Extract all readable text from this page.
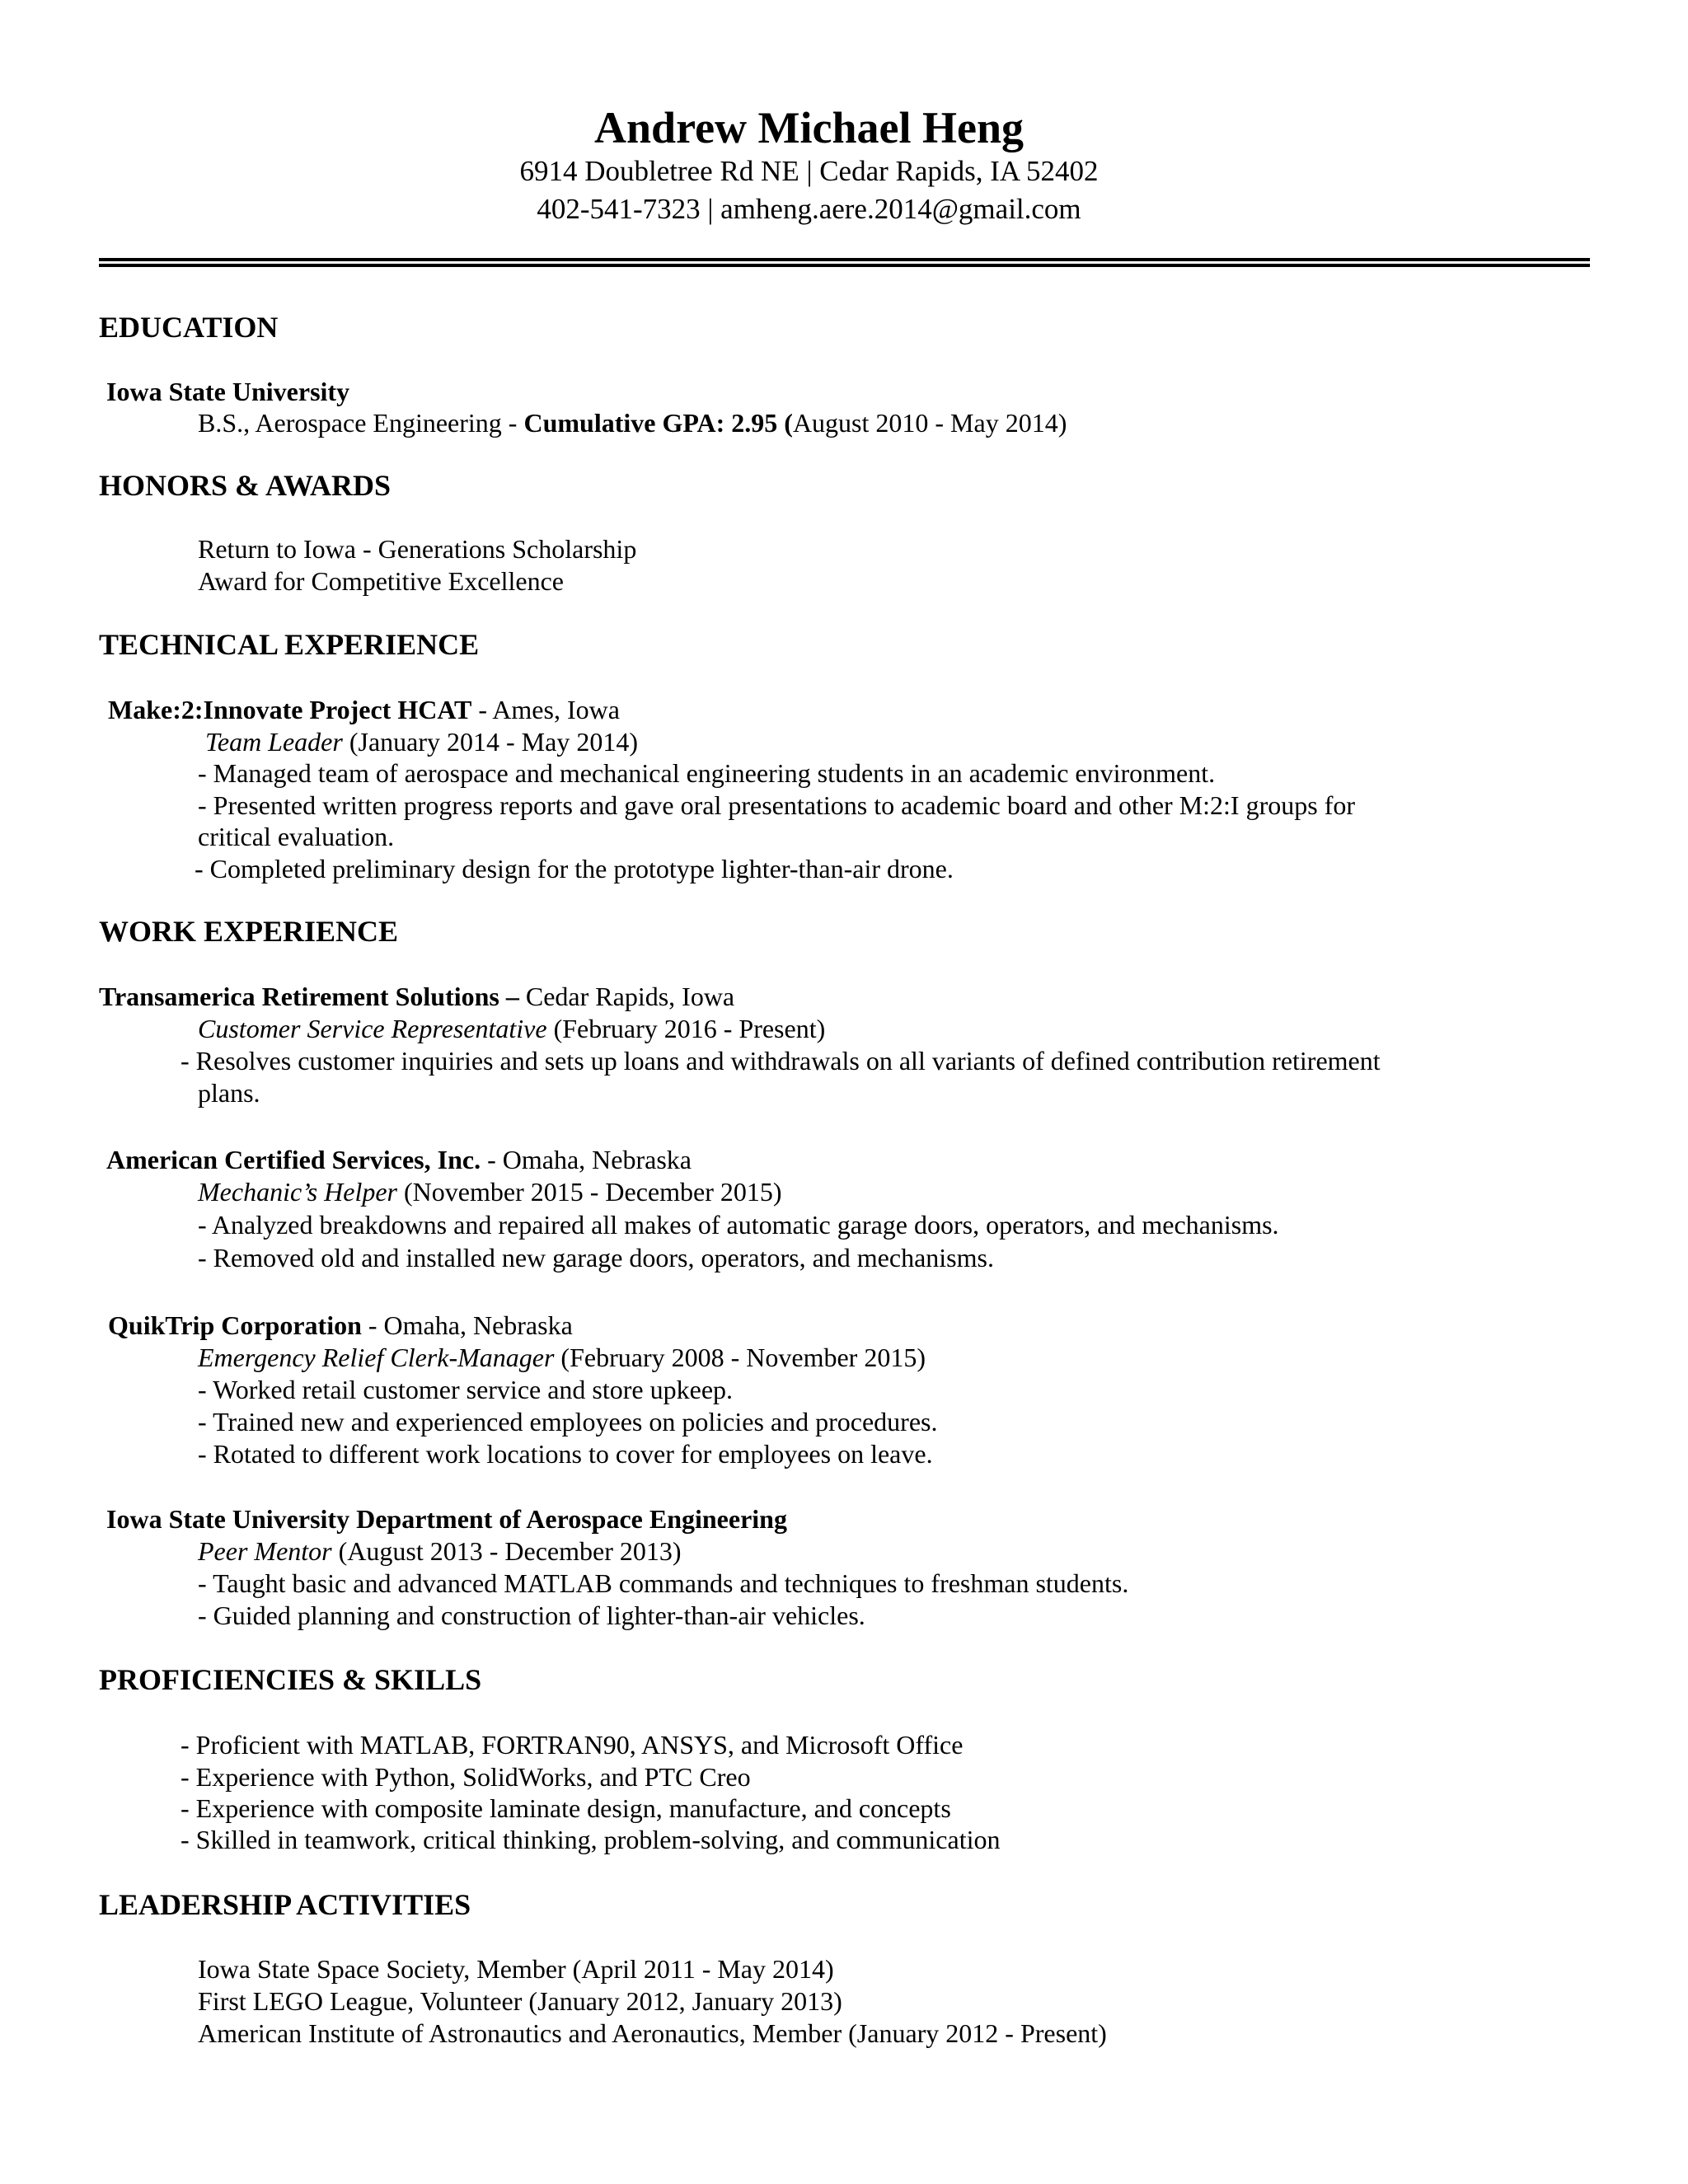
Andrew Michael Heng
6914 Doubletree Rd NE | Cedar Rapids, IA 52402
402-541-7323 | amheng.aere.2014@gmail.com
EDUCATION
Iowa State University
B.S., Aerospace Engineering - Cumulative GPA: 2.95 (August 2010 - May 2014)
HONORS & AWARDS
Return to Iowa - Generations Scholarship
Award for Competitive Excellence
TECHNICAL EXPERIENCE
Make:2:Innovate Project HCAT - Ames, Iowa
Team Leader (January 2014 - May 2014)
- Managed team of aerospace and mechanical engineering students in an academic environment.
- Presented written progress reports and gave oral presentations to academic board and other M:2:I groups for
critical evaluation.
- Completed preliminary design for the prototype lighter-than-air drone.
WORK EXPERIENCE
Transamerica Retirement Solutions – Cedar Rapids, Iowa
Customer Service Representative (February 2016 - Present)
- Resolves customer inquiries and sets up loans and withdrawals on all variants of defined contribution retirement
plans.
American Certified Services, Inc. - Omaha, Nebraska
Mechanic’s Helper (November 2015 - December 2015)
- Analyzed breakdowns and repaired all makes of automatic garage doors, operators, and mechanisms.
- Removed old and installed new garage doors, operators, and mechanisms.
QuikTrip Corporation - Omaha, Nebraska
Emergency Relief Clerk-Manager (February 2008 - November 2015)
- Worked retail customer service and store upkeep.
- Trained new and experienced employees on policies and procedures.
- Rotated to different work locations to cover for employees on leave.
Iowa State University Department of Aerospace Engineering
Peer Mentor (August 2013 - December 2013)
- Taught basic and advanced MATLAB commands and techniques to freshman students.
- Guided planning and construction of lighter-than-air vehicles.
PROFICIENCIES & SKILLS
- Proficient with MATLAB, FORTRAN90, ANSYS, and Microsoft Office
- Experience with Python, SolidWorks, and PTC Creo
- Experience with composite laminate design, manufacture, and concepts
- Skilled in teamwork, critical thinking, problem-solving, and communication
LEADERSHIP ACTIVITIES
Iowa State Space Society, Member (April 2011 - May 2014)
First LEGO League, Volunteer (January 2012, January 2013)
American Institute of Astronautics and Aeronautics, Member (January 2012 - Present)
